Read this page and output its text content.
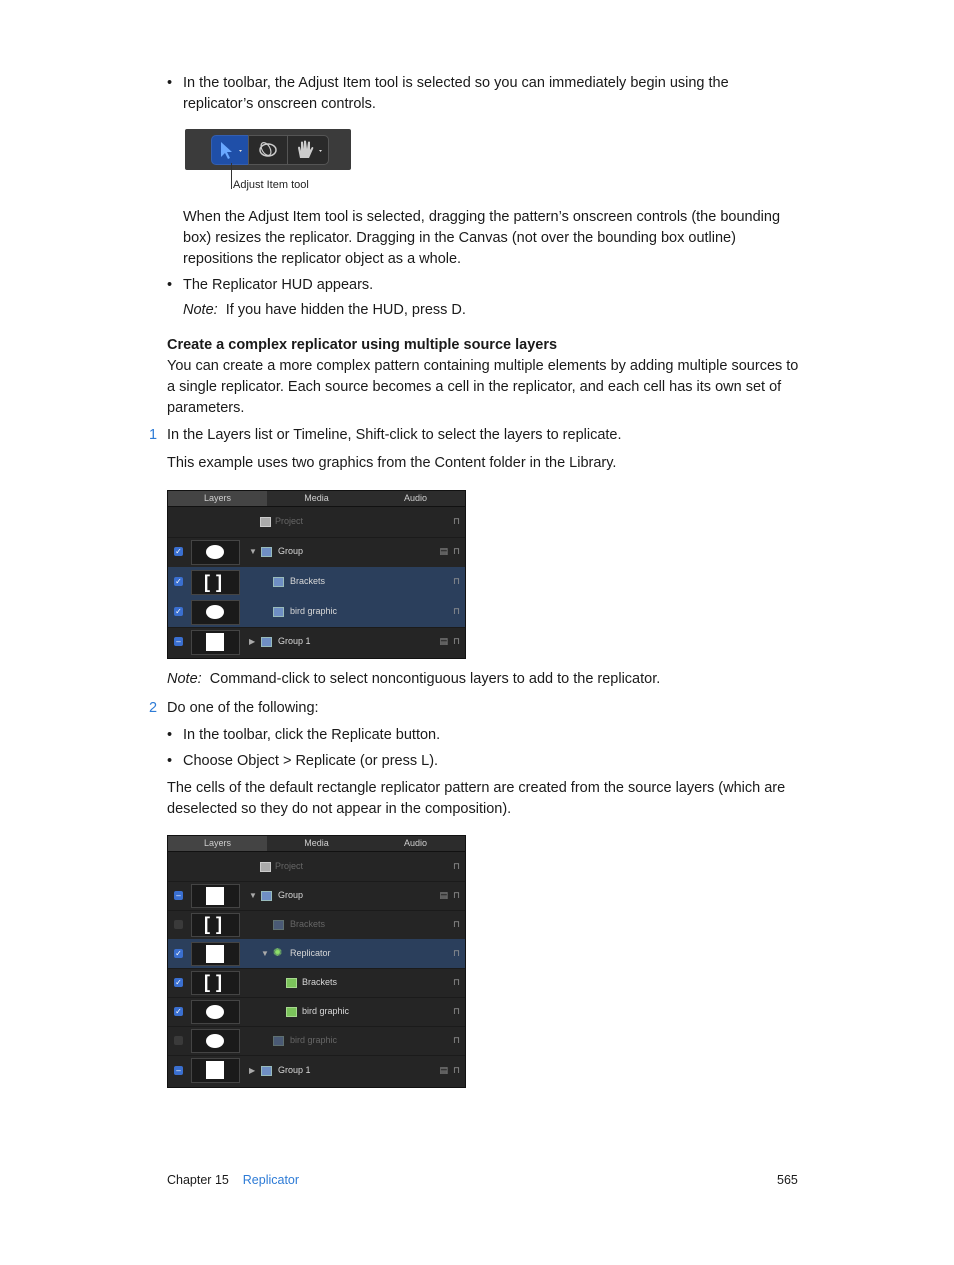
• In the toolbar, the Adjust Item tool is selected so you can immediately begin using the replicator’s onscreen controls.
Adjust Item tool

When the Adjust Item tool is selected, dragging the pattern’s onscreen controls (the bounding box) resizes the replicator. Dragging in the Canvas (not over the bounding box outline) repositions the replicator object as a whole.

• The Replicator HUD appears.

Note: If you have hidden the HUD, press D.

Create a complex replicator using multiple source layers

You can create a more complex pattern containing multiple elements by adding multiple sources to a single replicator. Each source becomes a cell in the replicator, and each cell has its own set of parameters.

1 In the Layers list or Timeline, Shift-click to select the layers to replicate.

This example uses two graphics from the Content folder in the Library.

Layers	Media	Audio
Project	⊓
✓	▼ Group	▤ ⊓
✓ []	Brackets	⊓
✓	bird graphic	⊓
–	▶	Group 1	▤ ⊓

Note: Command-click to select noncontiguous layers to add to the replicator.

2 Do one of the following:

• In the toolbar, click the Replicate button.
• Choose Object > Replicate (or press L).

The cells of the default rectangle replicator pattern are created from the source layers (which are deselected so they do not appear in the composition).

Layers	Media	Audio
Project	⊓
–	▼ Group	▤ ⊓
[]	Brackets	⊓
✓	▼ ✺ Replicator	⊓
✓ []	Brackets	⊓
✓	bird graphic	⊓
bird graphic	⊓
–	▶	Group 1	▤ ⊓
Chapter 15 Replicator	565
